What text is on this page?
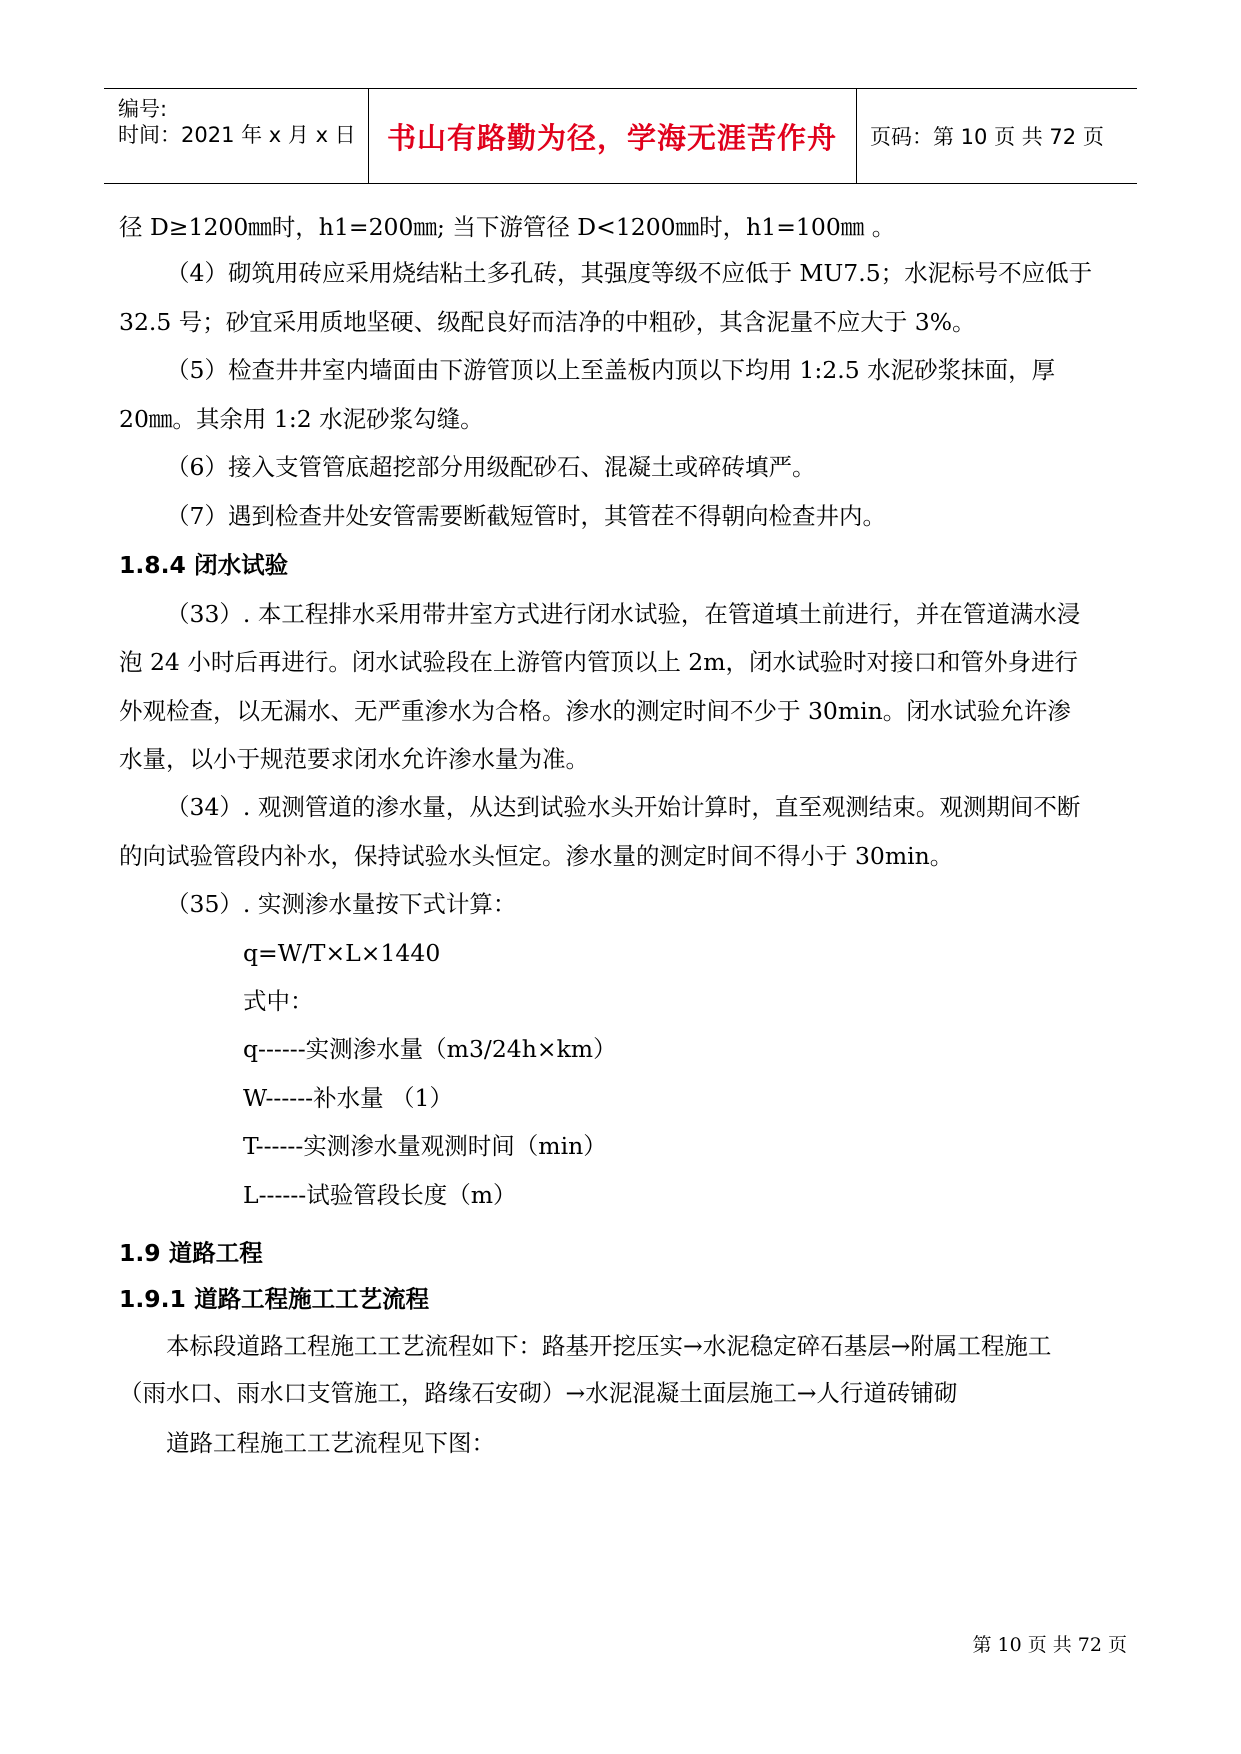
编号:
时间：2021 年 x 月 x 日 书山有路勤为径，学海无涯苦作舟 页码：第 10 页 共 72 页
径 D≥1200㎜时，h1=200㎜; 当下游管径 D<1200㎜时，h1=100㎜ 。
（4）砌筑用砖应采用烧结粘土多孔砖，其强度等级不应低于 MU7.5；水泥标号不应低于
32.5 号；砂宜采用质地坚硬、级配良好而洁净的中粗砂，其含泥量不应大于 3%。
（5）检查井井室内墙面由下游管顶以上至盖板内顶以下均用 1:2.5 水泥砂浆抹面，厚
20㎜。其余用 1:2 水泥砂浆勾缝。
（6）接入支管管底超挖部分用级配砂石、混凝土或碎砖填严。
（7）遇到检查井处安管需要断截短管时，其管茬不得朝向检查井内。
1.8.4 闭水试验
（33）. 本工程排水采用带井室方式进行闭水试验，在管道填土前进行，并在管道满水浸
泡 24 小时后再进行。闭水试验段在上游管内管顶以上 2m，闭水试验时对接口和管外身进行
外观检查，以无漏水、无严重渗水为合格。渗水的测定时间不少于 30min。闭水试验允许渗
水量，以小于规范要求闭水允许渗水量为准。
（34）. 观测管道的渗水量，从达到试验水头开始计算时，直至观测结束。观测期间不断
的向试验管段内补水，保持试验水头恒定。渗水量的测定时间不得小于 30min。
（35）. 实测渗水量按下式计算：
q=W/T×L×1440
式中：
q------实测渗水量（m3/24h×km）
W------补水量 （1）
T------实测渗水量观测时间（min）
L------试验管段长度（m）
1.9 道路工程
1.9.1 道路工程施工工艺流程
本标段道路工程施工工艺流程如下：路基开挖压实→水泥稳定碎石基层→附属工程施工
（雨水口、雨水口支管施工，路缘石安砌）→水泥混凝土面层施工→人行道砖铺砌
道路工程施工工艺流程见下图：
第 10 页 共 72 页
